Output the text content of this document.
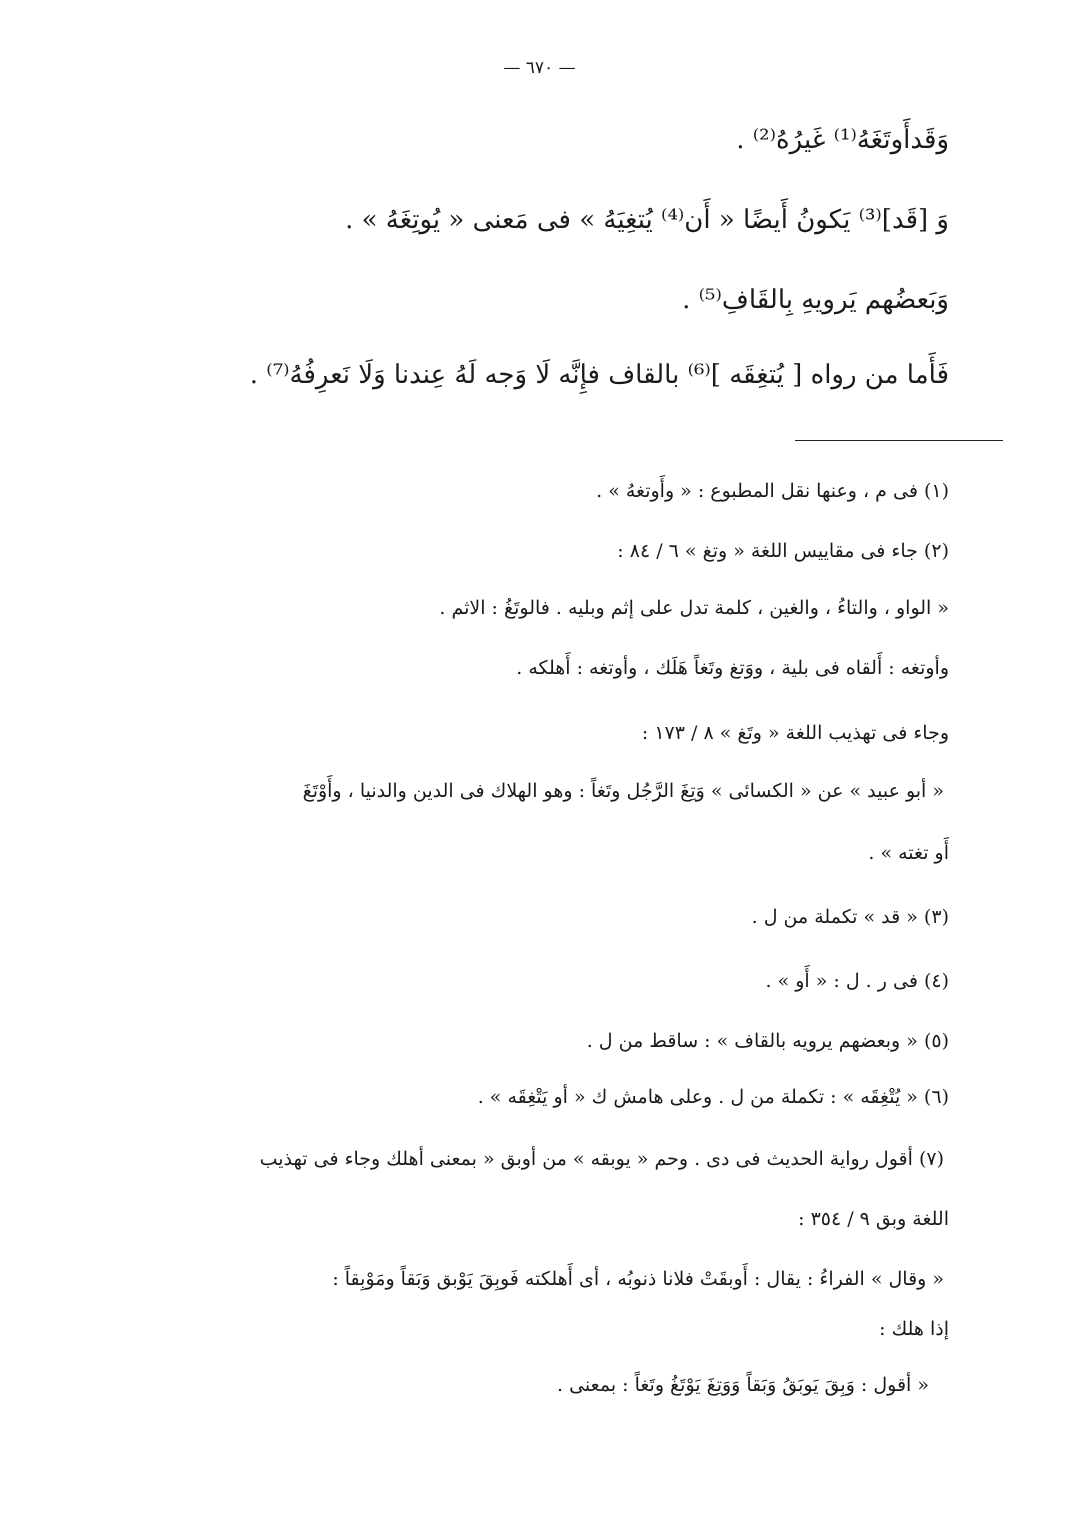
— ٦٧٠ —
وَقَدأَوتَغَهُ⁽¹⁾ غَيرُهُ⁽²⁾ .
وَ [قَد]⁽³⁾ يَكونُ أَيضًا « أَن⁽⁴⁾ يُتغِيَهُ » فى مَعنى « يُوتِغَهُ » .
وَبَعضُهم يَرويهِ بِالقَافِ⁽⁵⁾ .
فَأَما من رواه [ يُتغِقَه ]⁽⁶⁾ بالقاف فإِنَّه لَا وَجه لَهُ عِندنا وَلَا نَعرِفُهُ⁽⁷⁾ .
(١) فى م ، وعنها نقل المطبوع : « وأَوتغهُ » .
(٢) جاء فى مقاييس اللغة « وتغ » ٦ / ٨٤ :
« الواو ، والتاءُ ، والغين ، كلمة تدل على إثم وبليه . فالوتَغُ : الاثم .
وأوتغه : أَلقاه فى بلية ، ووَتغ وتَغاً هَلَك ، وأوتغه : أَهلكه .
وجاء فى تهذيب اللغة « وتَغ » ٨ / ١٧٣ :
« أبو عبيد » عن « الكسائى » وَتِغَ الرَّجُل وتَغاً : وهو الهلاك فى الدين والدنيا ، وأَوْتَغَ
أَو تغته » .
(٣) « قد » تكملة من ل .
(٤) فى ر . ل : « أَو » .
(٥) « وبعضهم يرويه بالقاف » : ساقط من ل .
(٦) « يُتْغِقَه » : تكملة من ل . وعلى هامش ك « أو يَتْغِقَه » .
(٧) أقول رواية الحديث فى دى . وحم « يوبقه » من أوبق « بمعنى أهلك وجاء فى تهذيب
اللغة وبق ٩ / ٣٥٤ :
« وقال » الفراءُ : يقال : أَوبقَتْ فلانا ذنوبُه ، أى أَهلكته فَوبِقَ يَوْبق وَبَقاً ومَوْبِقاً :
إذا هلك :
« أقول : وَبِقَ يَوبَقُ وَبَقاً وَوَتِغَ يَوْتَغُ وتَغاً : بمعنى .
